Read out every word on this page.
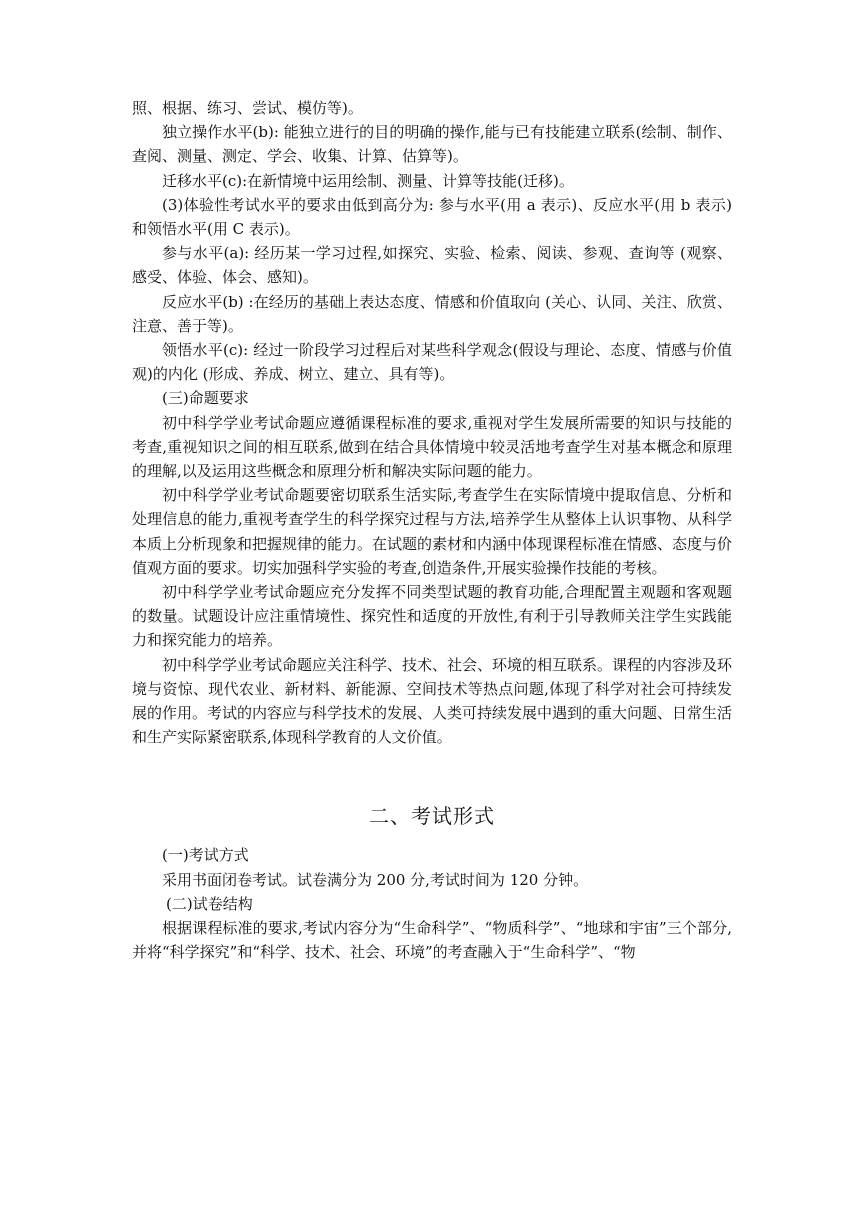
照、根据、练习、尝试、模仿等)。

独立操作水平(b): 能独立进行的目的明确的操作,能与已有技能建立联系(绘制、制作、查阅、测量、测定、学会、收集、计算、估算等)。

迁移水平(c):在新情境中运用绘制、测量、计算等技能(迁移)。

(3)体验性考试水平的要求由低到高分为: 参与水平(用 a 表示)、反应水平(用 b 表示)和领悟水平(用 C 表示)。

参与水平(a): 经历某一学习过程,如探究、实验、检索、阅读、参观、查询等 (观察、感受、体验、体会、感知)。

反应水平(b) :在经历的基础上表达态度、情感和价值取向 (关心、认同、关注、欣赏、注意、善于等)。

领悟水平(c): 经过一阶段学习过程后对某些科学观念(假设与理论、态度、情感与价值观)的内化 (形成、养成、树立、建立、具有等)。

(三)命题要求

初中科学学业考试命题应遵循课程标准的要求,重视对学生发展所需要的知识与技能的考查,重视知识之间的相互联系,做到在结合具体情境中较灵活地考查学生对基本概念和原理的理解,以及运用这些概念和原理分析和解决实际问题的能力。

初中科学学业考试命题要密切联系生活实际,考查学生在实际情境中提取信息、分析和处理信息的能力,重视考查学生的科学探究过程与方法,培养学生从整体上认识事物、从科学本质上分析现象和把握规律的能力。在试题的素材和内涵中体现课程标准在情感、态度与价值观方面的要求。切实加强科学实验的考查,创造条件,开展实验操作技能的考核。

初中科学学业考试命题应充分发挥不同类型试题的教育功能,合理配置主观题和客观题的数量。试题设计应注重情境性、探究性和适度的开放性,有利于引导教师关注学生实践能力和探究能力的培养。

初中科学学业考试命题应关注科学、技术、社会、环境的相互联系。课程的内容涉及环境与资惊、现代农业、新材料、新能源、空间技术等热点问题,体现了科学对社会可持续发展的作用。考试的内容应与科学技术的发展、人类可持续发展中遇到的重大问题、日常生活和生产实际紧密联系,体现科学教育的人文价值。

二、考试形式

(一)考试方式

采用书面闭卷考试。试卷满分为 200 分,考试时间为 120 分钟。

(二)试卷结构

根据课程标准的要求,考试内容分为“生命科学”、“物质科学”、“地球和宇宙”三个部分,并将“科学探究”和“科学、技术、社会、环境”的考查融入于“生命科学”、“物
